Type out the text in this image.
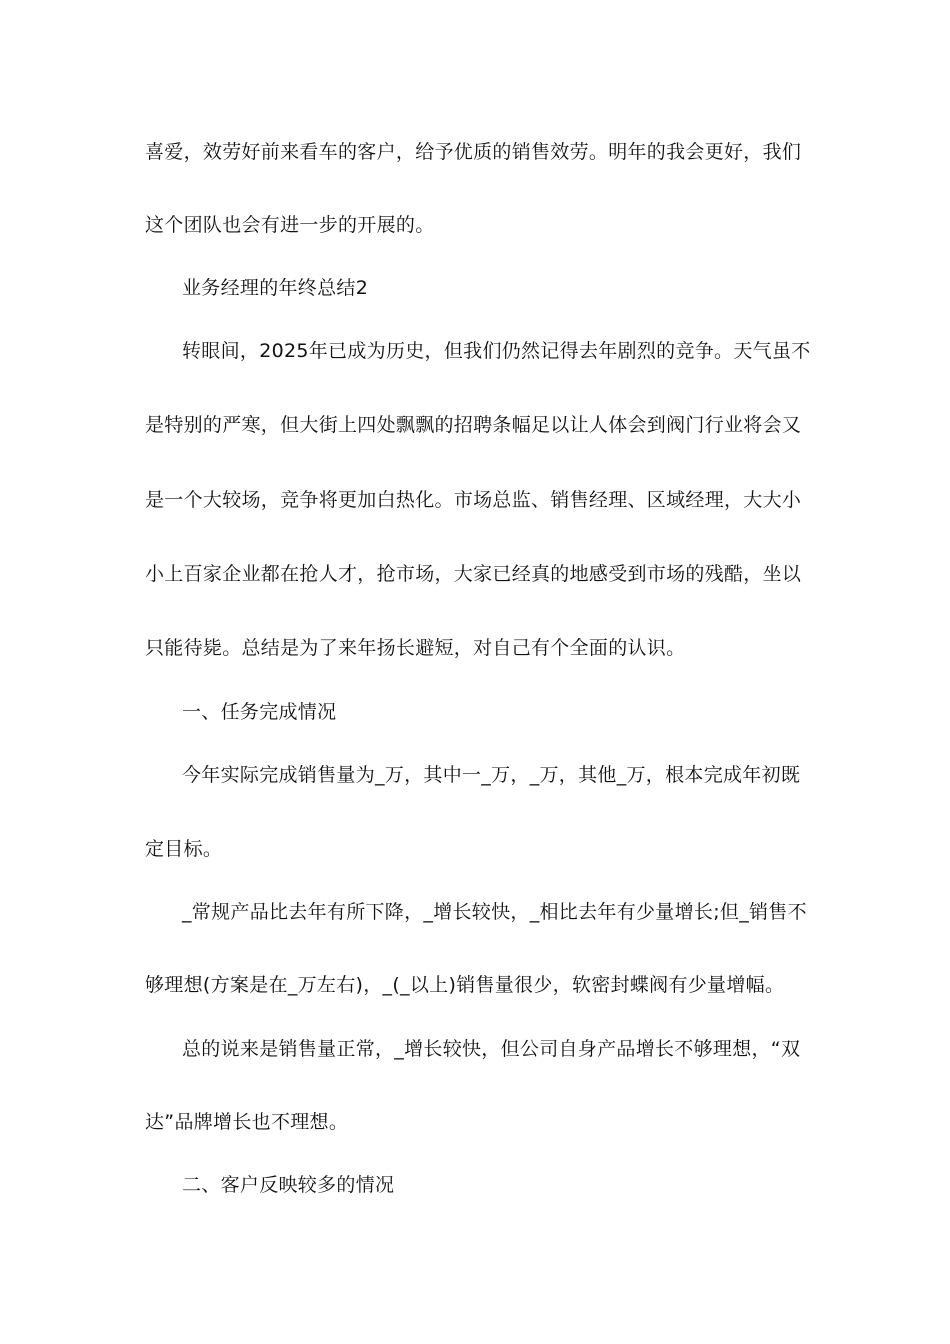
喜爱，效劳好前来看车的客户，给予优质的销售效劳。明年的我会更好，我们
这个团队也会有进一步的开展的。
业务经理的年终总结2
转眼间，2025年已成为历史，但我们仍然记得去年剧烈的竞争。天气虽不
是特别的严寒，但大街上四处飘飘的招聘条幅足以让人体会到阀门行业将会又
是一个大较场，竞争将更加白热化。市场总监、销售经理、区域经理，大大小
小上百家企业都在抢人才，抢市场，大家已经真的地感受到市场的残酷，坐以
只能待毙。总结是为了来年扬长避短，对自己有个全面的认识。
一、任务完成情况
今年实际完成销售量为_万，其中一_万，_万，其他_万，根本完成年初既
定目标。
_常规产品比去年有所下降，_增长较快，_相比去年有少量增长;但_销售不
够理想(方案是在_万左右)，_(_以上)销售量很少，软密封蝶阀有少量增幅。
总的说来是销售量正常，_增长较快，但公司自身产品增长不够理想，“双
达”品牌增长也不理想。
二、客户反映较多的情况
